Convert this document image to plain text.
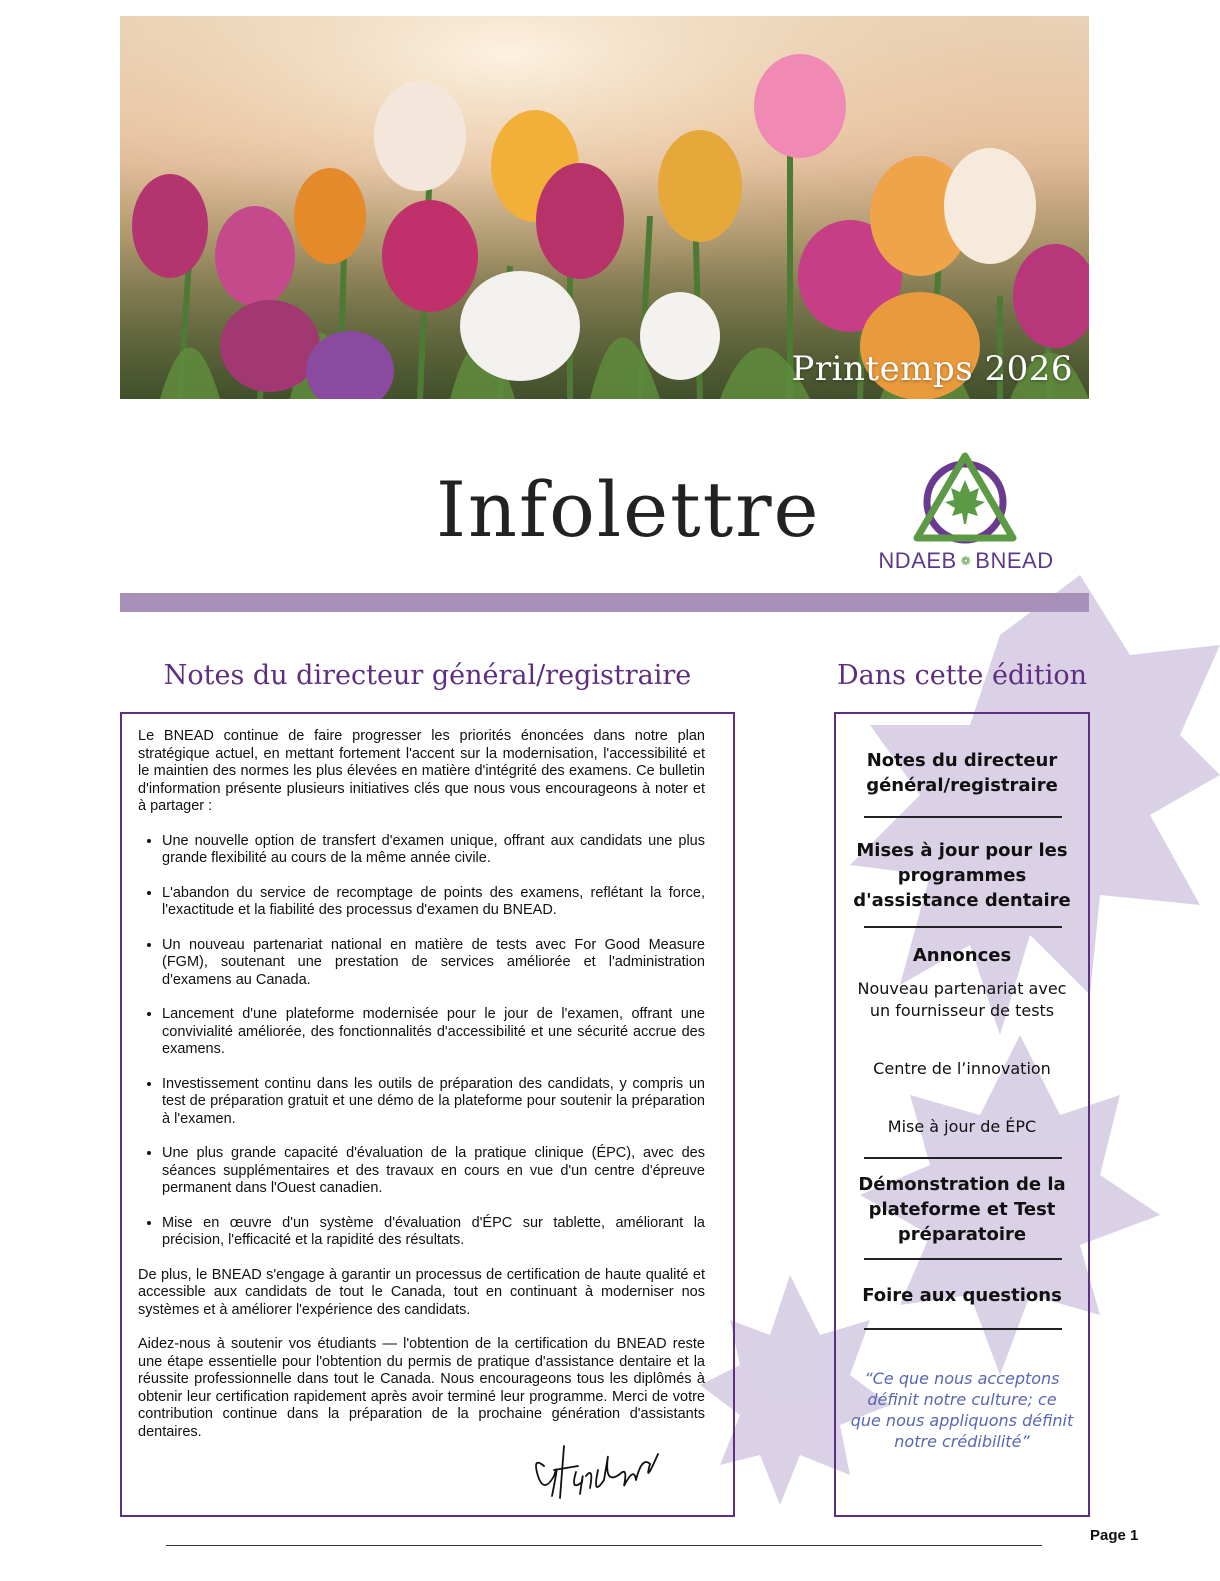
Printemps 2026
Infolettre
NDAEB ❁ BNEAD
Notes du directeur général/registraire	Dans cette édition

Le BNEAD continue de faire progresser les priorités énoncées dans notre plan stratégique actuel, en mettant fortement l'accent sur la modernisation, l'accessibilité et le maintien des normes les plus élevées en matière d'intégrité des examens. Ce bulletin d'information présente plusieurs initiatives clés que nous vous encourageons à noter et à partager :

• Une nouvelle option de transfert d'examen unique, offrant aux candidats une plus grande flexibilité au cours de la même année civile.
• L'abandon du service de recomptage de points des examens, reflétant la force, l'exactitude et la fiabilité des processus d'examen du BNEAD.
• Un nouveau partenariat national en matière de tests avec For Good Measure (FGM), soutenant une prestation de services améliorée et l'administration d'examens au Canada.
• Lancement d'une plateforme modernisée pour le jour de l'examen, offrant une convivialité améliorée, des fonctionnalités d'accessibilité et une sécurité accrue des examens.
• Investissement continu dans les outils de préparation des candidats, y compris un test de préparation gratuit et une démo de la plateforme pour soutenir la préparation à l'examen.
• Une plus grande capacité d'évaluation de la pratique clinique (ÉPC), avec des séances supplémentaires et des travaux en cours en vue d'un centre d'épreuve permanent dans l'Ouest canadien.
• Mise en œuvre d'un système d'évaluation d'ÉPC sur tablette, améliorant la précision, l'efficacité et la rapidité des résultats.

De plus, le BNEAD s'engage à garantir un processus de certification de haute qualité et accessible aux candidats de tout le Canada, tout en continuant à moderniser nos systèmes et à améliorer l'expérience des candidats.

Aidez-nous à soutenir vos étudiants — l'obtention de la certification du BNEAD reste une étape essentielle pour l'obtention du permis de pratique d'assistance dentaire et la réussite professionnelle dans tout le Canada. Nous encourageons tous les diplômés à obtenir leur certification rapidement après avoir terminé leur programme. Merci de votre contribution continue dans la préparation de la prochaine génération d'assistants dentaires.

Notes du directeur général/registraire
Mises à jour pour les programmes d'assistance dentaire
Annonces
Nouveau partenariat avec un fournisseur de tests
Centre de l’innovation
Mise à jour de ÉPC
Démonstration de la plateforme et Test préparatoire
Foire aux questions
“Ce que nous acceptons définit notre culture; ce que nous appliquons définit notre crédibilité”
Page 1
